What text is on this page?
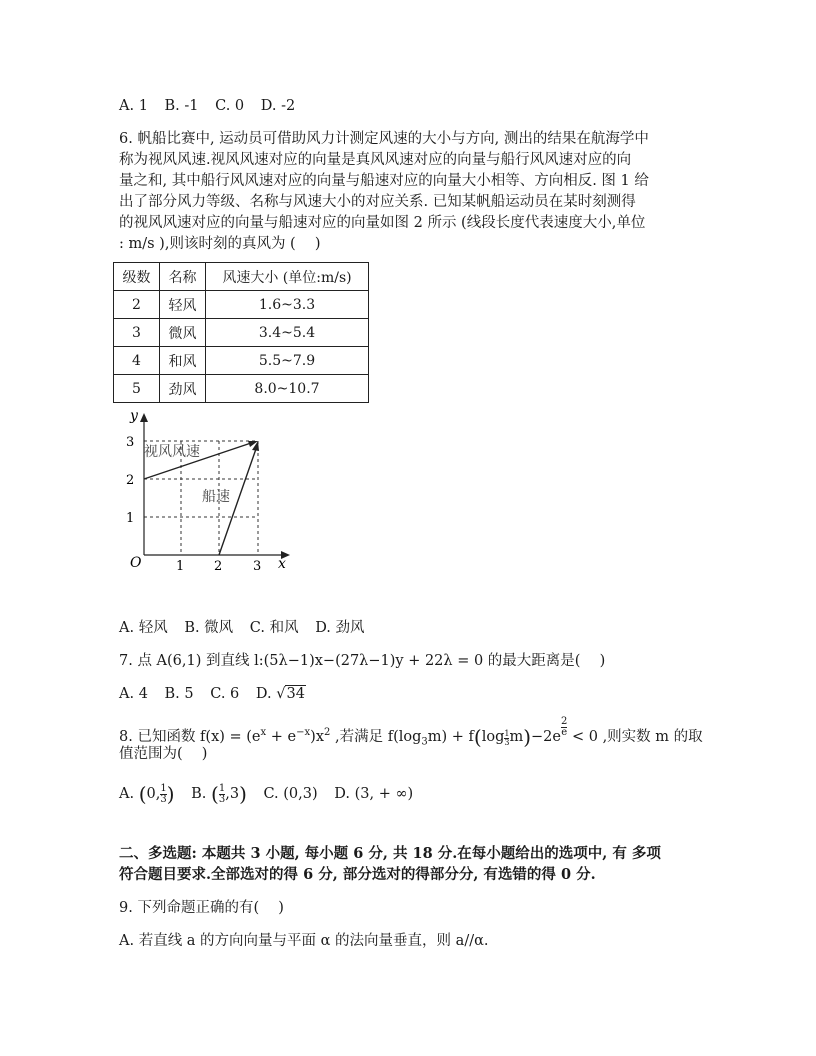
A. 1 B. -1 C. 0 D. -2
6. 帆船比赛中, 运动员可借助风力计测定风速的大小与方向, 测出的结果在航海学中
称为视风风速.视风风速对应的向量是真风风速对应的向量与船行风风速对应的向
量之和, 其中船行风风速对应的向量与船速对应的向量大小相等、方向相反. 图 1 给
出了部分风力等级、名称与风速大小的对应关系. 已知某帆船运动员在某时刻测得
的视风风速对应的向量与船速对应的向量如图 2 所示 (线段长度代表速度大小,单位
: m/s ),则该时刻的真风为 (　 )
级数	名称	风速大小 (单位:m/s)
2	轻风	1.6~3.3
3	微风	3.4~5.4
4	和风	5.5~7.9
5	劲风	8.0~10.7
y
x
O	1 2 3
1
2
3
视风风速
船速
A. 轻风 B. 微风 C. 和风 D. 劲风
7. 点 A(6,1) 到直线 l:(5λ−1)x−(27λ−1)y + 22λ = 0 的最大距离是(　 )
A. 4 B. 5 C. 6 D. √34
8. 已知函数 $f(x) = (e^x + e^{-x})x^2$ ,若满足 $f(\log_3m) + f(\log \frac{1}{3} m)-2e \frac{2}{e} < 0$ ,则实数 m 的取
值范围为(　 )
A. (0, $\frac{1}{3}$ ) B. ( $\frac{1}{3} ,3$) C. (0,3) D. (3, + ∞)
二、多选题: 本题共 3 小题, 每小题 6 分, 共 18 分.在每小题给出的选项中, 有 多项
符合题目要求.全部选对的得 6 分, 部分选对的得部分分, 有选错的得 0 分.
9. 下列命题正确的有(　 )
A. 若直线 a 的方向向量与平面 α 的法向量垂直，则 a//α.
